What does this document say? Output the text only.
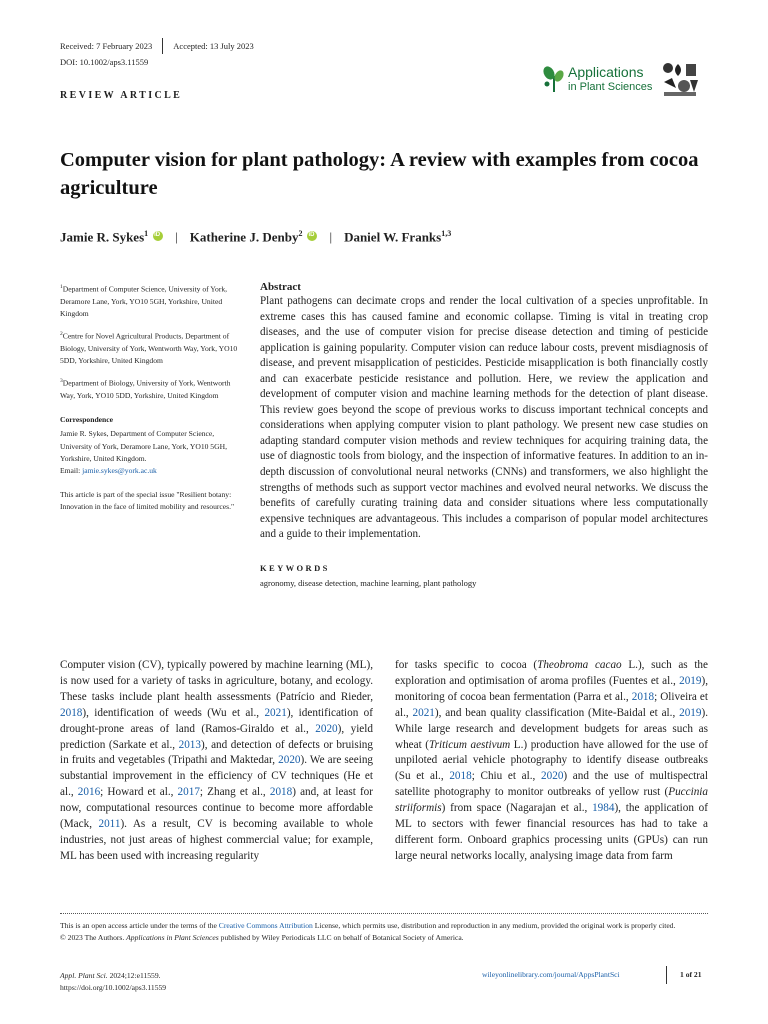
Received: 7 February 2023 Accepted: 13 July 2023
DOI: 10.1002/aps3.11559
REVIEW ARTICLE
Applications
in Plant Sciences
Computer vision for plant pathology: A review with examples from cocoa agriculture
Jamie R. Sykes$^1$ iD | Katherine J. Denby$^2$ iD | Daniel W. Franks$^{1,3}$
$^1$Department of Computer Science, University of York, Deramore Lane, York, YO10 5GH, Yorkshire, United Kingdom
$^2$Centre for Novel Agricultural Products, Department of Biology, University of York, Wentworth Way, York, YO10 5DD, Yorkshire, United Kingdom
$^3$Department of Biology, University of York, Wentworth Way, York, YO10 5DD, Yorkshire, United Kingdom
Correspondence
Jamie R. Sykes, Department of Computer Science, University of York, Deramore Lane, York, YO10 5GH, Yorkshire, United Kingdom.
Email: jamie.sykes@york.ac.uk
This article is part of the special issue "Resilient botany: Innovation in the face of limited mobility and resources."
Abstract
Plant pathogens can decimate crops and render the local cultivation of a species unprofitable. In extreme cases this has caused famine and economic collapse. Timing is vital in treating crop diseases, and the use of computer vision for precise disease detection and timing of pesticide application is gaining popularity. Computer vision can reduce labour costs, prevent misdiagnosis of disease, and prevent misapplication of pesticides. Pesticide misapplication is both financially costly and can exacerbate pesticide resistance and pollution. Here, we review the application and development of computer vision and machine learning methods for the detection of plant disease. This review goes beyond the scope of previous works to discuss important technical concepts and considerations when applying computer vision to plant pathology. We present new case studies on adapting standard computer vision methods and review techniques for acquiring training data, the use of diagnostic tools from biology, and the inspection of informative features. In addition to an in-depth discussion of convolutional neural networks (CNNs) and transformers, we also highlight the strengths of methods such as support vector machines and evolved neural networks. We discuss the benefits of carefully curating training data and consider situations where less computationally expensive techniques are advantageous. This includes a comparison of popular model architectures and a guide to their implementation.
KEYWORDS
agronomy, disease detection, machine learning, plant pathology
Computer vision (CV), typically powered by machine learning (ML), is now used for a variety of tasks in agriculture, botany, and ecology. These tasks include plant health assessments (Patrício and Rieder, 2018), identification of weeds (Wu et al., 2021), identification of drought-prone areas of land (Ramos-Giraldo et al., 2020), yield prediction (Sarkate et al., 2013), and detection of defects or bruising in fruits and vegetables (Tripathi and Maktedar, 2020). We are seeing substantial improvement in the efficiency of CV techniques (He et al., 2016; Howard et al., 2017; Zhang et al., 2018) and, at least for now, computational resources continue to become more affordable (Mack, 2011). As a result, CV is becoming available to whole industries, not just areas of highest commercial value; for example, ML has been used with increasing regularity
for tasks specific to cocoa (Theobroma cacao L.), such as the exploration and optimisation of aroma profiles (Fuentes et al., 2019), monitoring of cocoa bean fermentation (Parra et al., 2018; Oliveira et al., 2021), and bean quality classification (Mite-Baidal et al., 2019). While large research and development budgets for areas such as wheat (Triticum aestivum L.) production have allowed for the use of unpiloted aerial vehicle photography to identify disease outbreaks (Su et al., 2018; Chiu et al., 2020) and the use of multispectral satellite photography to monitor outbreaks of yellow rust (Puccinia striiformis) from space (Nagarajan et al., 1984), the application of ML to sectors with fewer financial resources has had to take a different form. Onboard graphics processing units (GPUs) can run large neural networks locally, analysing image data from farm
This is an open access article under the terms of the Creative Commons Attribution License, which permits use, distribution and reproduction in any medium, provided the original work is properly cited.
© 2023 The Authors. Applications in Plant Sciences published by Wiley Periodicals LLC on behalf of Botanical Society of America.
Appl. Plant Sci. 2024;12:e11559.
https://doi.org/10.1002/aps3.11559
wileyonlinelibrary.com/journal/AppsPlantSci	1 of 21
